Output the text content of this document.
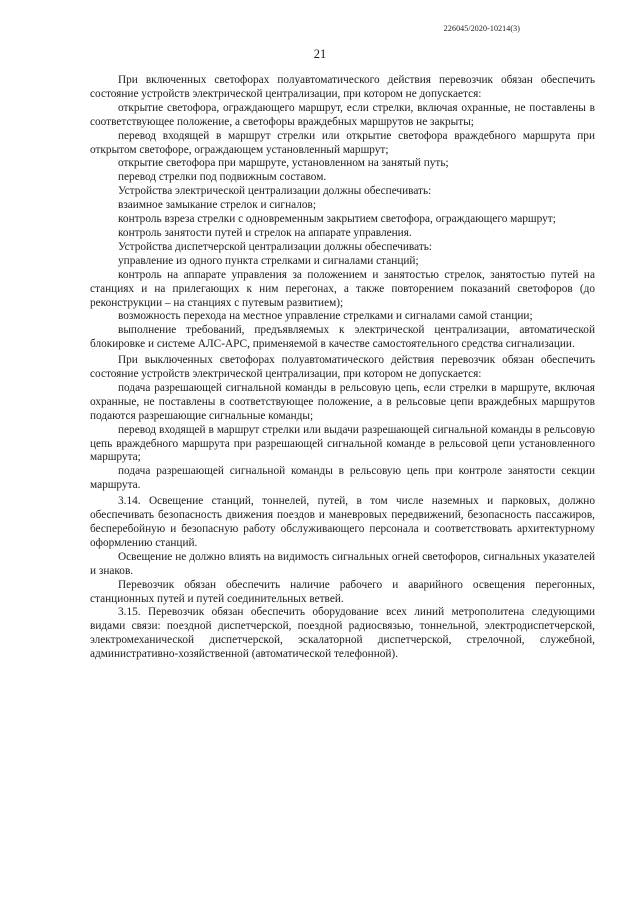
226045/2020-10214(3)
21

При включенных светофорах полуавтоматического действия перевозчик обязан обеспечить состояние устройств электрической централизации, при котором не допускается:

открытие светофора, ограждающего маршрут, если стрелки, включая охранные, не поставлены в соответствующее положение, а светофоры враждебных маршрутов не закрыты;

перевод входящей в маршрут стрелки или открытие светофора враждебного маршрута при открытом светофоре, ограждающем установленный маршрут;

открытие светофора при маршруте, установленном на занятый путь;

перевод стрелки под подвижным составом.

Устройства электрической централизации должны обеспечивать:

взаимное замыкание стрелок и сигналов;

контроль взреза стрелки с одновременным закрытием светофора, ограждающего маршрут;

контроль занятости путей и стрелок на аппарате управления.

Устройства диспетчерской централизации должны обеспечивать:

управление из одного пункта стрелками и сигналами станций;

контроль на аппарате управления за положением и занятостью стрелок, занятостью путей на станциях и на прилегающих к ним перегонах, а также повторением показаний светофоров (до реконструкции – на станциях с путевым развитием);

возможность перехода на местное управление стрелками и сигналами самой станции;

выполнение требований, предъявляемых к электрической централизации, автоматической блокировке и системе АЛС-АРС, применяемой в качестве самостоятельного средства сигнализации.

При выключенных светофорах полуавтоматического действия перевозчик обязан обеспечить состояние устройств электрической централизации, при котором не допускается:

подача разрешающей сигнальной команды в рельсовую цепь, если стрелки в маршруте, включая охранные, не поставлены в соответствующее положение, а в рельсовые цепи враждебных маршрутов подаются разрешающие сигнальные команды;

перевод входящей в маршрут стрелки или выдачи разрешающей сигнальной команды в рельсовую цепь враждебного маршрута при разрешающей сигнальной команде в рельсовой цепи установленного маршрута;

подача разрешающей сигнальной команды в рельсовую цепь при контроле занятости секции маршрута.

3.14. Освещение станций, тоннелей, путей, в том числе наземных и парковых, должно обеспечивать безопасность движения поездов и маневровых передвижений, безопасность пассажиров, бесперебойную и безопасную работу обслуживающего персонала и соответствовать архитектурному оформлению станций.

Освещение не должно влиять на видимость сигнальных огней светофоров, сигнальных указателей и знаков.

Перевозчик обязан обеспечить наличие рабочего и аварийного освещения перегонных, станционных путей и путей соединительных ветвей.

3.15. Перевозчик обязан обеспечить оборудование всех линий метрополитена следующими видами связи: поездной диспетчерской, поездной радиосвязью, тоннельной, электродиспетчерской, электромеханической диспетчерской, эскалаторной диспетчерской, стрелочной, служебной, административно-хозяйственной (автоматической телефонной).
